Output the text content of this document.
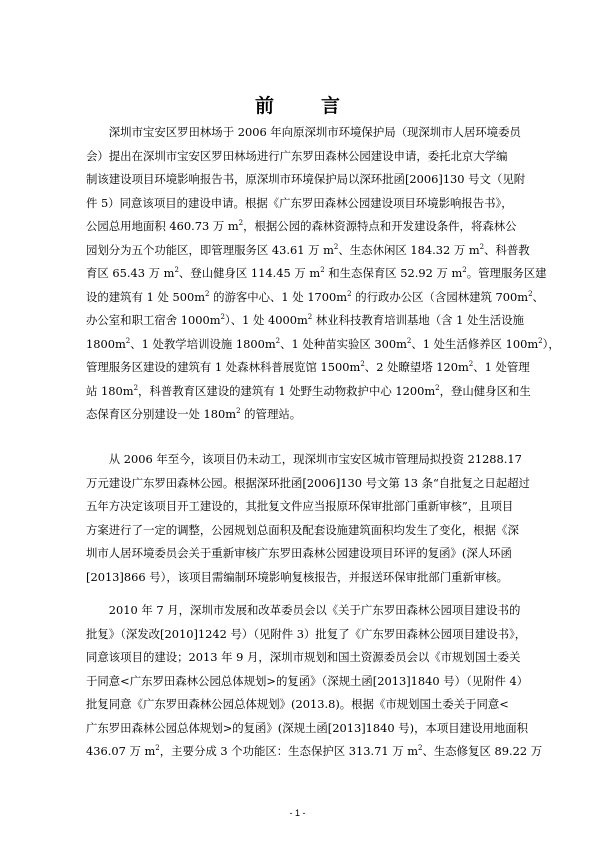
前　言
　　深圳市宝安区罗田林场于 2006 年向原深圳市环境保护局（现深圳市人居环境委员
会）提出在深圳市宝安区罗田林场进行广东罗田森林公园建设申请，委托北京大学编
制该建设项目环境影响报告书，原深圳市环境保护局以深环批函[2006]130 号文（见附
件 5）同意该项目的建设申请。根据《广东罗田森林公园建设项目环境影响报告书》，
公园总用地面积 460.73 万 $m^2$，根据公园的森林资源特点和开发建设条件，将森林公
园划分为五个功能区，即管理服务区 43.61 万 $m^2$、生态休闲区 184.32 万 $m^2$、科普教
育区 65.43 万 $m^2$、登山健身区 114.45 万 $m^2$ 和生态保育区 52.92 万 $m^2$。管理服务区建
设的建筑有 1 处 $500m^2$ 的游客中心、1 处 $1700m^2$ 的行政办公区（含园林建筑 $700m^2$、
办公室和职工宿舍 $1000m^2$）、1 处 $4000m^2$ 林业科技教育培训基地（含 1 处生活设施
$1800m^2$、1 处教学培训设施 $1800m^2$、1 处种苗实验区 $300m^2$、1 处生活修养区 $100m^2$），
管理服务区建设的建筑有 1 处森林科普展览馆 $1500m^2$、2 处瞭望塔 $120m^2$、1 处管理
站 $180m^2$，科普教育区建设的建筑有 1 处野生动物救护中心 $1200m^2$，登山健身区和生
态保育区分别建设一处 $180m^2$ 的管理站。
　　从 2006 年至今，该项目仍未动工，现深圳市宝安区城市管理局拟投资 21288.17
万元建设广东罗田森林公园。根据深环批函[2006]130 号文第 13 条“自批复之日起超过
五年方决定该项目开工建设的，其批复文件应当报原环保审批部门重新审核”，且项目
方案进行了一定的调整，公园规划总面积及配套设施建筑面积均发生了变化，根据《深
圳市人居环境委员会关于重新审核广东罗田森林公园建设项目环评的复函》(深人环函
[2013]866 号），该项目需编制环境影响复核报告，并报送环保审批部门重新审核。
　　2010 年 7 月，深圳市发展和改革委员会以《关于广东罗田森林公园项目建设书的
批复》（深发改[2010]1242 号）（见附件 3）批复了《广东罗田森林公园项目建设书》，
同意该项目的建设；2013 年 9 月，深圳市规划和国土资源委员会以《市规划国土委关
于同意<广东罗田森林公园总体规划>的复函》（深规土函[2013]1840 号）（见附件 4）
批复同意《广东罗田森林公园总体规划》(2013.8)。根据《市规划国土委关于同意<
广东罗田森林公园总体规划>的复函》(深规土函[2013]1840 号)，本项目建设用地面积
436.07 万 $m^2$，主要分成 3 个功能区：生态保护区 313.71 万 $m^2$、生态修复区 89.22 万
- 1 -
